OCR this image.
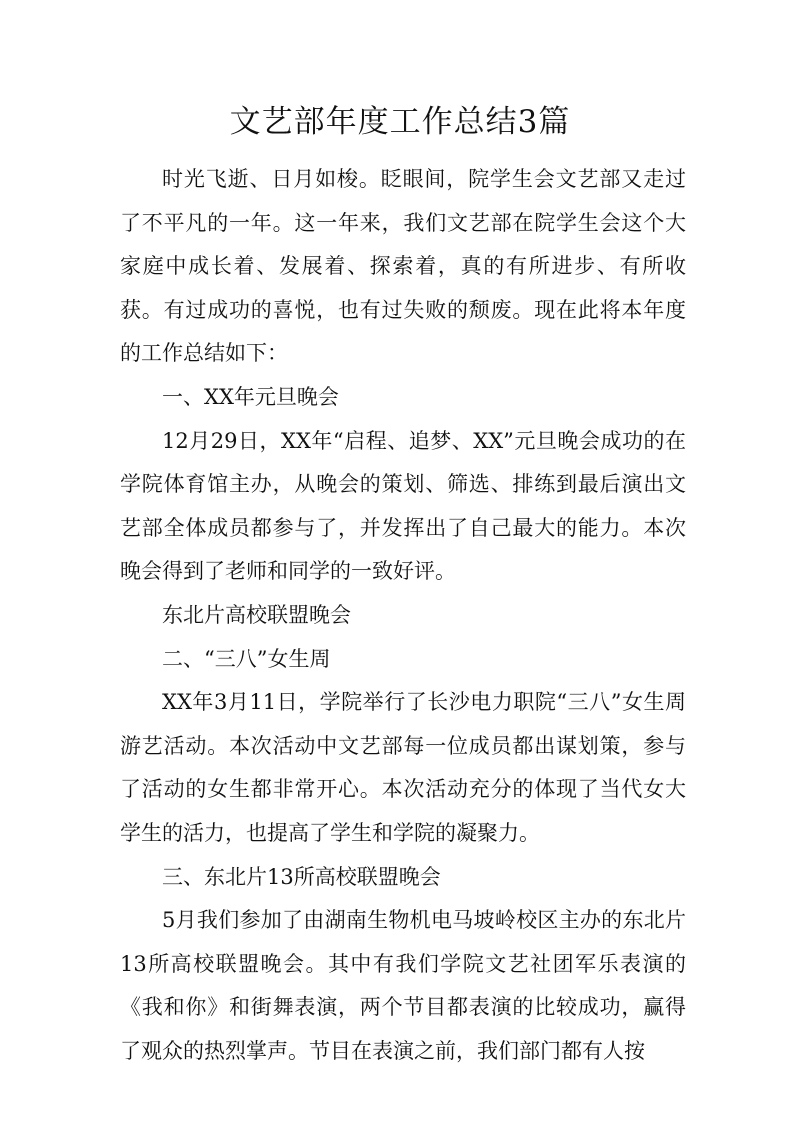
文艺部年度工作总结3篇

时光飞逝、日月如梭。眨眼间，院学生会文艺部又走过了不平凡的一年。这一年来，我们文艺部在院学生会这个大家庭中成长着、发展着、探索着，真的有所进步、有所收获。有过成功的喜悦，也有过失败的颓废。现在此将本年度的工作总结如下：

一、XX年元旦晚会

12月29日，XX年“启程、追梦、XX”元旦晚会成功的在学院体育馆主办，从晚会的策划、筛选、排练到最后演出文艺部全体成员都参与了，并发挥出了自己最大的能力。本次晚会得到了老师和同学的一致好评。

东北片高校联盟晚会

二、“三八”女生周

XX年3月11日，学院举行了长沙电力职院“三八”女生周游艺活动。本次活动中文艺部每一位成员都出谋划策，参与了活动的女生都非常开心。本次活动充分的体现了当代女大学生的活力，也提高了学生和学院的凝聚力。

三、东北片13所高校联盟晚会

5月我们参加了由湖南生物机电马坡岭校区主办的东北片13所高校联盟晚会。其中有我们学院文艺社团军乐表演的《我和你》和街舞表演，两个节目都表演的比较成功，赢得了观众的热烈掌声。节目在表演之前，我们部门都有人按
